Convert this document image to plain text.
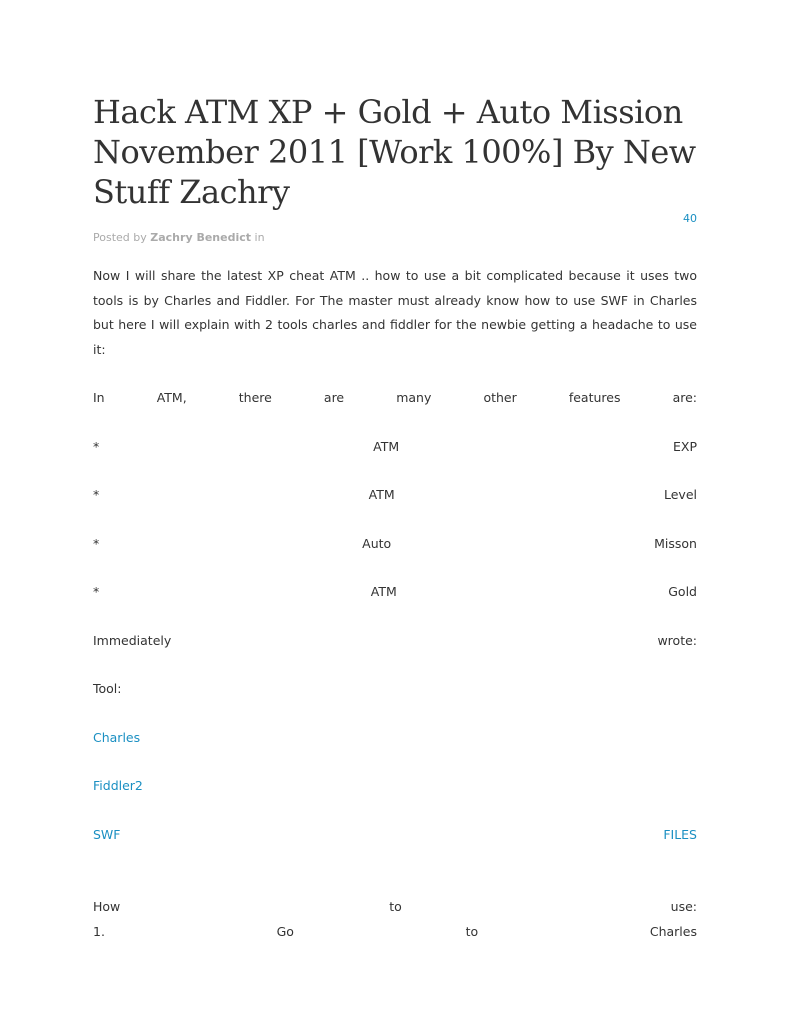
Hack ATM XP + Gold + Auto Mission November 2011 [Work 100%] By New Stuff Zachry
40
Posted by Zachry Benedict in

Now I will share the latest XP cheat ATM .. how to use a bit complicated because it uses two tools is by Charles and Fiddler. For The master must already know how to use SWF in Charles but here I will explain with 2 tools charles and fiddler for the newbie getting a headache to use it:

In	ATM,	there	are	many	other	features	are:
*	ATM	EXP
*	ATM	Level
*	Auto	Misson
*	ATM	Gold
Immediately	wrote:
Tool:
Charles
Fiddler2
SWF	FILES
How	to	use:
1.	Go	to	Charles
